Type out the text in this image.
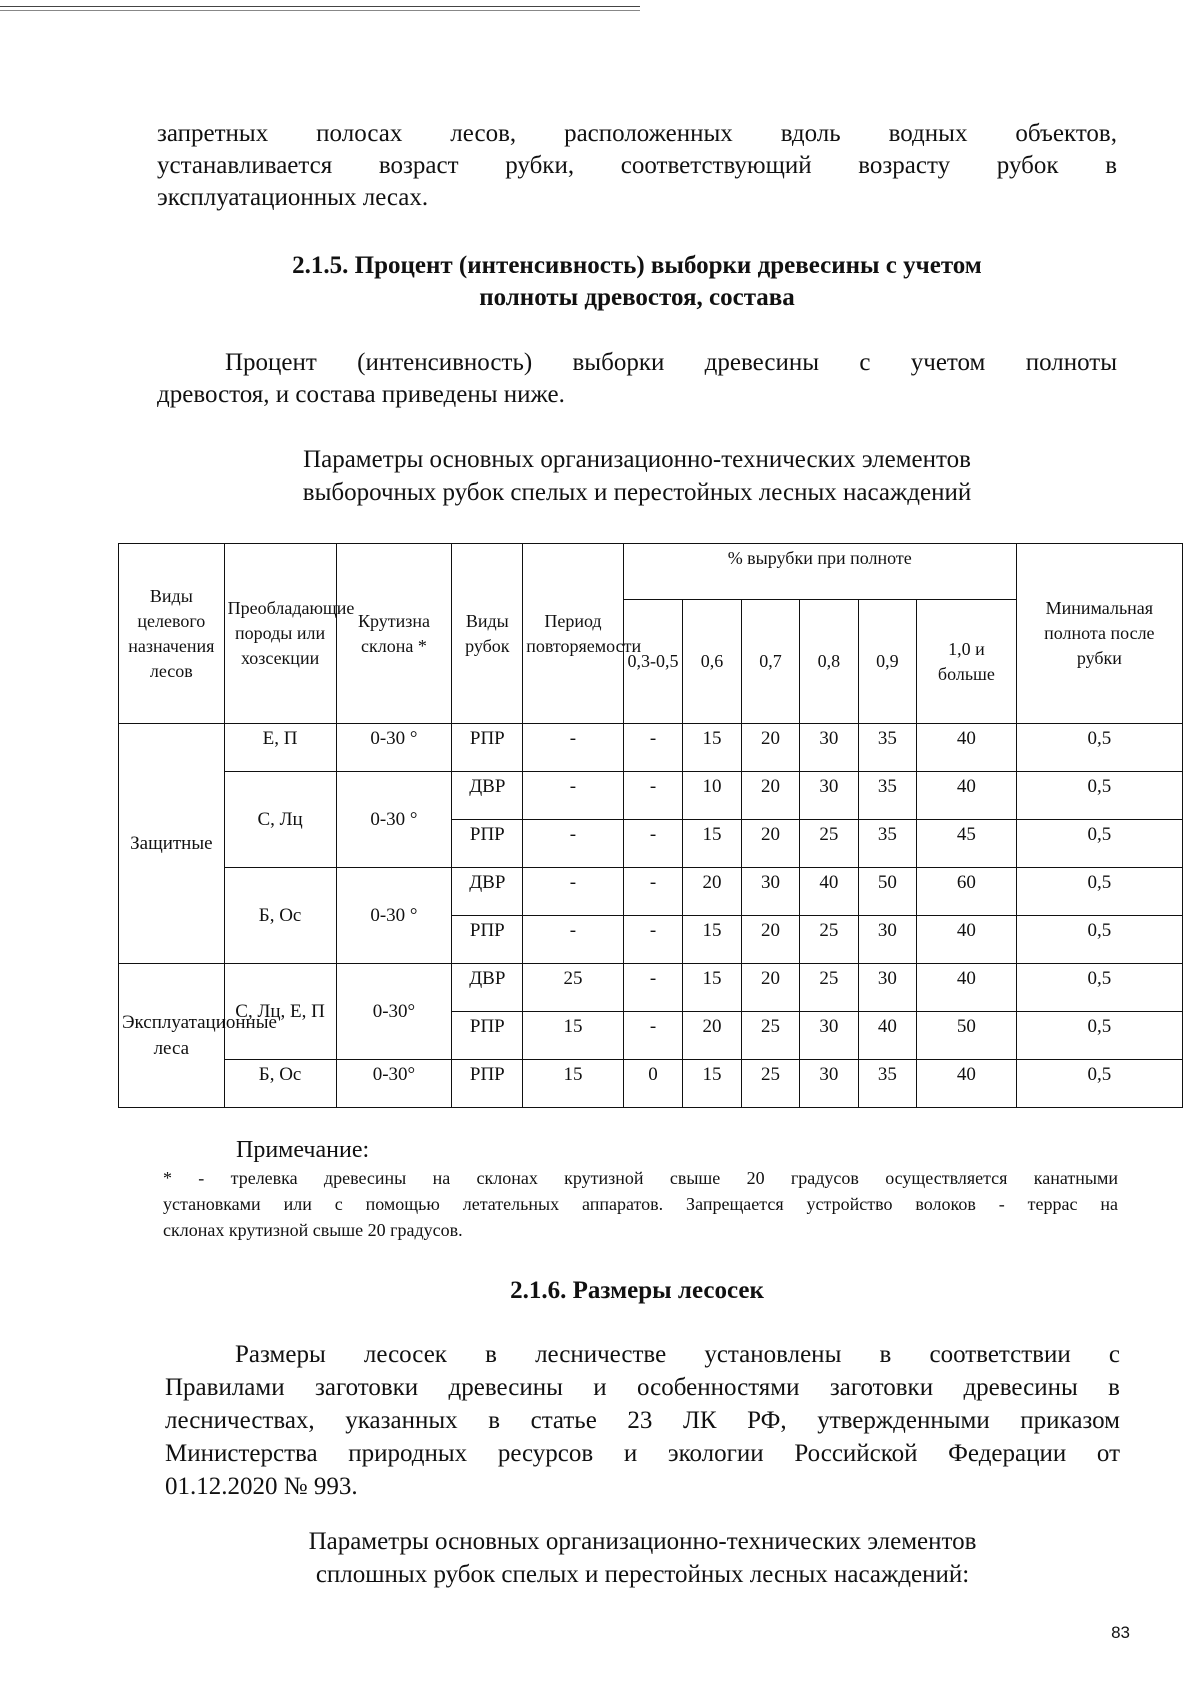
запретных полосах лесов, расположенных вдоль водных объектов,
устанавливается возраст рубки, соответствующий возрасту рубок в
эксплуатационных лесах.
2.1.5. Процент (интенсивность) выборки древесины с учетом
полноты древостоя, состава
Процент (интенсивность) выборки древесины с учетом полноты
древостоя, и состава приведены ниже.
Параметры основных организационно-технических элементов
выборочных рубок спелых и перестойных лесных насаждений
Виды целевого назначения лесов	Преобладающие породы или хозсекции	Крутизна склона *	Виды рубок	Период повторяемости	% вырубки при полноте						Минимальная полнота после рубки
					0,3-0,5	0,6	0,7	0,8	0,9	1,0 и больше	
Защитные	Е, П	0-30 °	РПР	-	-	15	20	30	35	40	0,5
	С, Лц	0-30 °	ДВР	-	-	10	20	30	35	40	0,5
			РПР	-	-	15	20	25	35	45	0,5
	Б, Ос	0-30 °	ДВР	-	-	20	30	40	50	60	0,5
			РПР	-	-	15	20	25	30	40	0,5
Эксплуатационные леса	С, Лц, Е, П	0-30°	ДВР	25	-	15	20	25	30	40	0,5
			РПР	15	-	20	25	30	40	50	0,5
	Б, Ос	0-30°	РПР	15	0	15	25	30	35	40	0,5
Примечание:
* - трелевка древесины на склонах крутизной свыше 20 градусов осуществляется канатными
установками или с помощью летательных аппаратов. Запрещается устройство волоков - террас на
склонах крутизной свыше 20 градусов.
2.1.6. Размеры лесосек
Размеры лесосек в лесничестве установлены в соответствии с
Правилами заготовки древесины и особенностями заготовки древесины в
лесничествах, указанных в статье 23 ЛК РФ, утвержденными приказом
Министерства природных ресурсов и экологии Российской Федерации от
01.12.2020 № 993.
Параметры основных организационно-технических элементов
сплошных рубок спелых и перестойных лесных насаждений:
83
